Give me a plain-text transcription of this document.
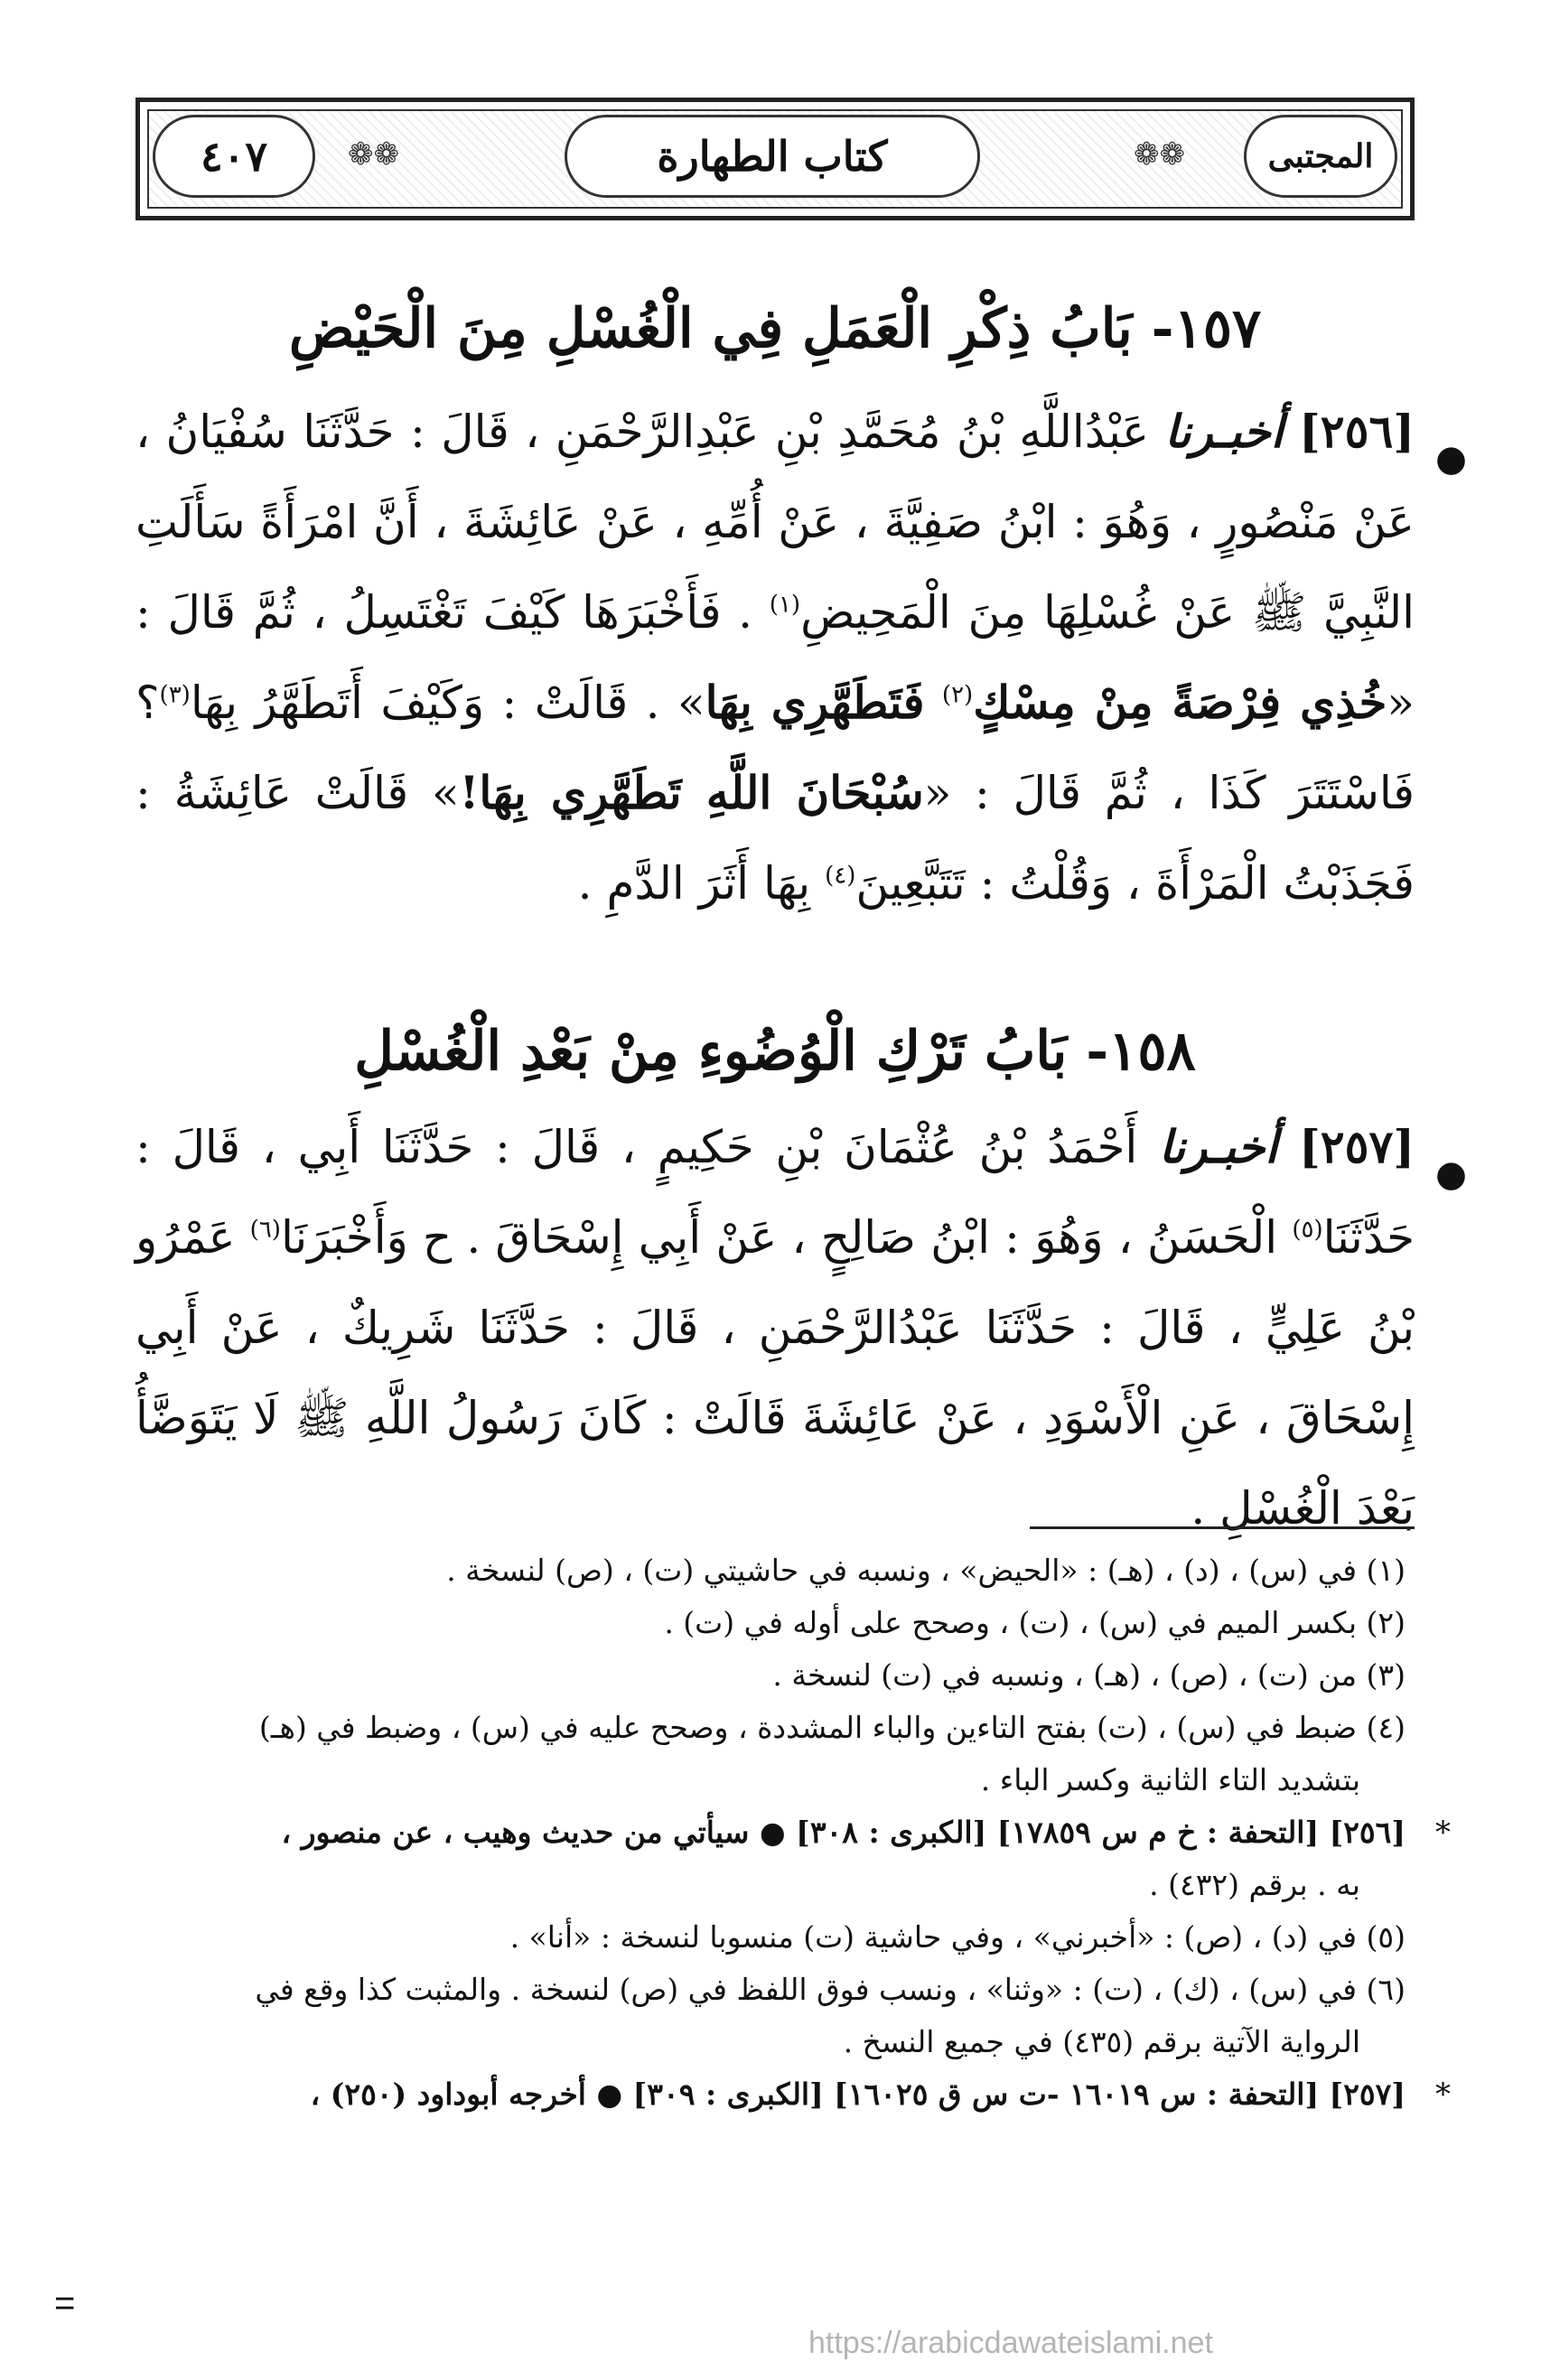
٤٠٧	❁❁	❁❁
كتاب الطهارة	المجتبى
١٥٧- بَابُ ذِكْرِ الْعَمَلِ فِي الْغُسْلِ مِنَ الْحَيْضِ

●
[٢٥٦] أخبـرنا عَبْدُاللَّهِ بْنُ مُحَمَّدِ بْنِ عَبْدِالرَّحْمَنِ ، قَالَ : حَدَّثَنَا سُفْيَانُ ، عَنْ مَنْصُورٍ ، وَهُوَ : ابْنُ صَفِيَّةَ ، عَنْ أُمِّهِ ، عَنْ عَائِشَةَ ، أَنَّ امْرَأَةً سَأَلَتِ النَّبِيَّ ﷺ عَنْ غُسْلِهَا مِنَ الْمَحِيضِ$^{(١)}$ . فَأَخْبَرَهَا كَيْفَ تَغْتَسِلُ ، ثُمَّ قَالَ : «خُذِي فِرْصَةً مِنْ مِسْكٍ$^{(٢)}$ فَتَطَهَّرِي بِهَا» . قَالَتْ : وَكَيْفَ أَتَطَهَّرُ بِهَا$^{(٣)}$؟ فَاسْتَتَرَ كَذَا ، ثُمَّ قَالَ : «سُبْحَانَ اللَّهِ تَطَهَّرِي بِهَا!» قَالَتْ عَائِشَةُ : فَجَذَبْتُ الْمَرْأَةَ ، وَقُلْتُ : تَتَبَّعِينَ$^{(٤)}$ بِهَا أَثَرَ الدَّمِ .

١٥٨- بَابُ تَرْكِ الْوُضُوءِ مِنْ بَعْدِ الْغُسْلِ

●
[٢٥٧] أخبـرنا أَحْمَدُ بْنُ عُثْمَانَ بْنِ حَكِيمٍ ، قَالَ : حَدَّثَنَا أَبِي ، قَالَ : حَدَّثَنَا$^{(٥)}$ الْحَسَنُ ، وَهُوَ : ابْنُ صَالِحٍ ، عَنْ أَبِي إِسْحَاقَ . ح وَأَخْبَرَنَا$^{(٦)}$ عَمْرُو بْنُ عَلِيٍّ ، قَالَ : حَدَّثَنَا عَبْدُالرَّحْمَنِ ، قَالَ : حَدَّثَنَا شَرِيكٌ ، عَنْ أَبِي إِسْحَاقَ ، عَنِ الْأَسْوَدِ ، عَنْ عَائِشَةَ قَالَتْ : كَانَ رَسُولُ اللَّهِ ﷺ لَا يَتَوَضَّأُ بَعْدَ الْغُسْلِ .

(١) في (س) ، (د) ، (هـ) : «الحيض» ، ونسبه في حاشيتي (ت) ، (ص) لنسخة .

(٢) بكسر الميم في (س) ، (ت) ، وصحح على أوله في (ت) .

(٣) من (ت) ، (ص) ، (هـ) ، ونسبه في (ت) لنسخة .

(٤) ضبط في (س) ، (ت) بفتح التاءين والباء المشددة ، وصحح عليه في (س) ، وضبط في (هـ)

بتشديد التاء الثانية وكسر الباء .

*
[٢٥٦] [التحفة : خ م س ١٧٨٥٩] [الكبرى : ٣٠٨] ● سيأتي من حديث وهيب ، عن منصور ،

به . برقم (٤٣٢) .

(٥) في (د) ، (ص) : «أخبرني» ، وفي حاشية (ت) منسوبا لنسخة : «أنا» .

(٦) في (س) ، (ك) ، (ت) : «وثنا» ، ونسب فوق اللفظ في (ص) لنسخة . والمثبت كذا وقع في

الرواية الآتية برقم (٤٣٥) في جميع النسخ .

*
[٢٥٧] [التحفة : س ١٦٠١٩ -ت س ق ١٦٠٢٥] [الكبرى : ٣٠٩] ● أخرجه أبوداود (٢٥٠) ،

=
https://arabicdawateislami.net
